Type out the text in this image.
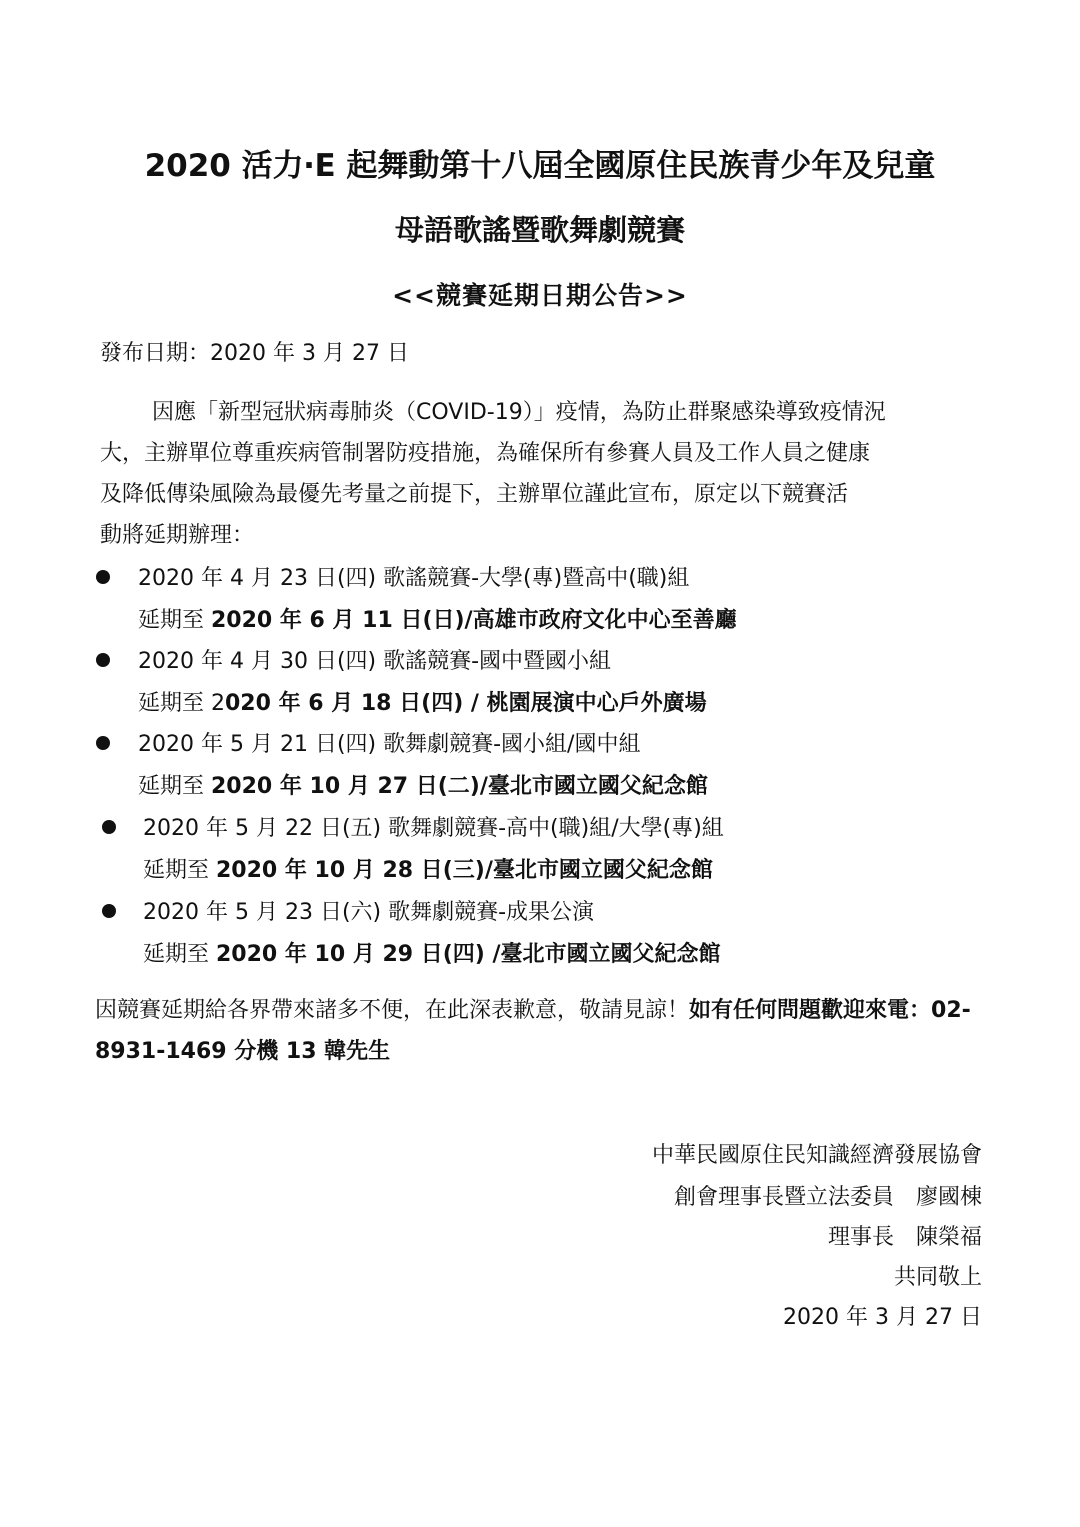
2020 活力‧E 起舞動第十八屆全國原住民族青少年及兒童
母語歌謠暨歌舞劇競賽
<<競賽延期日期公告>>
發布日期：2020 年 3 月 27 日
因應「新型冠狀病毒肺炎（COVID-19）」疫情，為防止群聚感染導致疫情況
大，主辦單位尊重疾病管制署防疫措施，為確保所有參賽人員及工作人員之健康
及降低傳染風險為最優先考量之前提下，主辦單位謹此宣布，原定以下競賽活
動將延期辦理：
2020 年 4 月 23 日(四) 歌謠競賽-大學(專)暨高中(職)組
延期至 2020 年 6 月 11 日(日)/高雄市政府文化中心至善廳
2020 年 4 月 30 日(四) 歌謠競賽-國中暨國小組
延期至 2020 年 6 月 18 日(四) / 桃園展演中心戶外廣場
2020 年 5 月 21 日(四) 歌舞劇競賽-國小組/國中組
延期至 2020 年 10 月 27 日(二)/臺北市國立國父紀念館
2020 年 5 月 22 日(五) 歌舞劇競賽-高中(職)組/大學(專)組
延期至 2020 年 10 月 28 日(三)/臺北市國立國父紀念館
2020 年 5 月 23 日(六) 歌舞劇競賽-成果公演
延期至 2020 年 10 月 29 日(四) /臺北市國立國父紀念館
因競賽延期給各界帶來諸多不便，在此深表歉意，敬請見諒！如有任何問題歡迎來電：02-8931-1469 分機 13 韓先生
中華民國原住民知識經濟發展協會
創會理事長暨立法委員　廖國棟
理事長　陳榮福
共同敬上
2020 年 3 月 27 日
